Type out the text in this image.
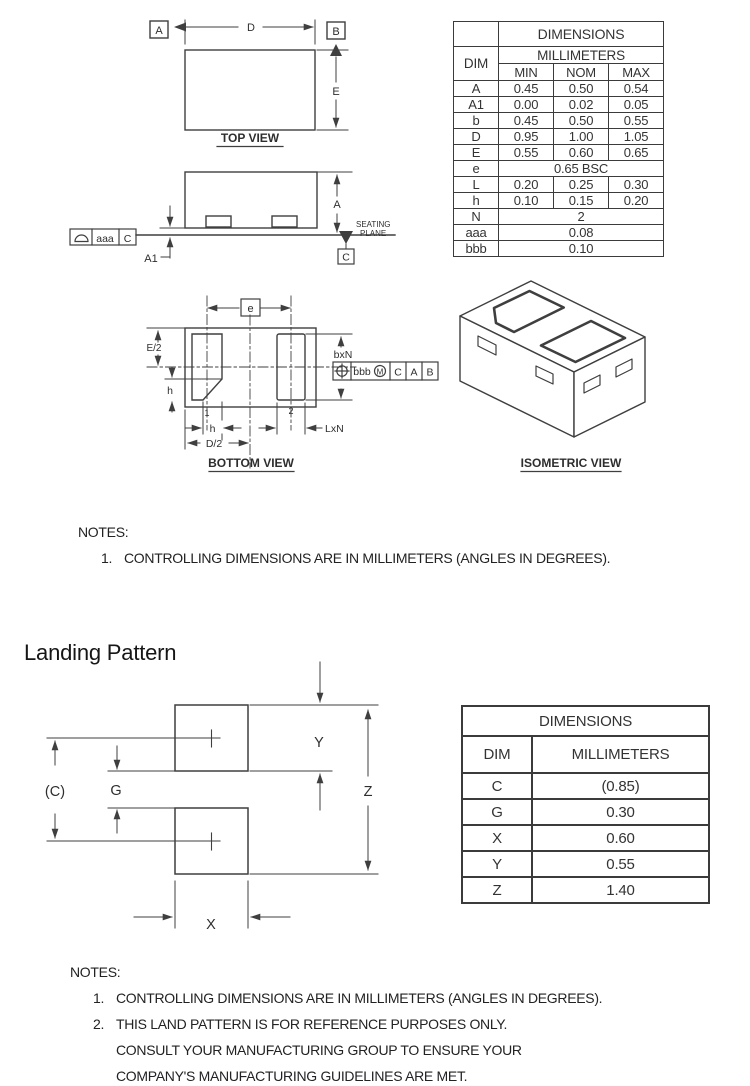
A	B
D
E
TOP VIEW
aaa C
A
A1	C
SEATING
PLANE
e
E/2
h
1	2
h
D/2
LxN
bxN
bbb M C A B
BOTTOM VIEW	ISOMETRIC VIEW
(C)	G
Y
Z
X
	DIMENSIONS		
DIM	MILLIMETERS		
	MIN	NOM	MAX
A	0.45	0.50	0.54
A1	0.00	0.02	0.05
b	0.45	0.50	0.55
D	0.95	1.00	1.05
E	0.55	0.60	0.65
e	0.65 BSC		
L	0.20	0.25	0.30
h	0.10	0.15	0.20
N	2		
aaa	0.08		
bbb	0.10		
NOTES:
1. CONTROLLING DIMENSIONS ARE IN MILLIMETERS (ANGLES IN DEGREES).
Landing Pattern
DIMENSIONS	
DIM	MILLIMETERS
C	(0.85)
G	0.30
X	0.60
Y	0.55
Z	1.40
NOTES:
1. CONTROLLING DIMENSIONS ARE IN MILLIMETERS (ANGLES IN DEGREES).
2. THIS LAND PATTERN IS FOR REFERENCE PURPOSES ONLY.
CONSULT YOUR MANUFACTURING GROUP TO ENSURE YOUR
COMPANY'S MANUFACTURING GUIDELINES ARE MET.
